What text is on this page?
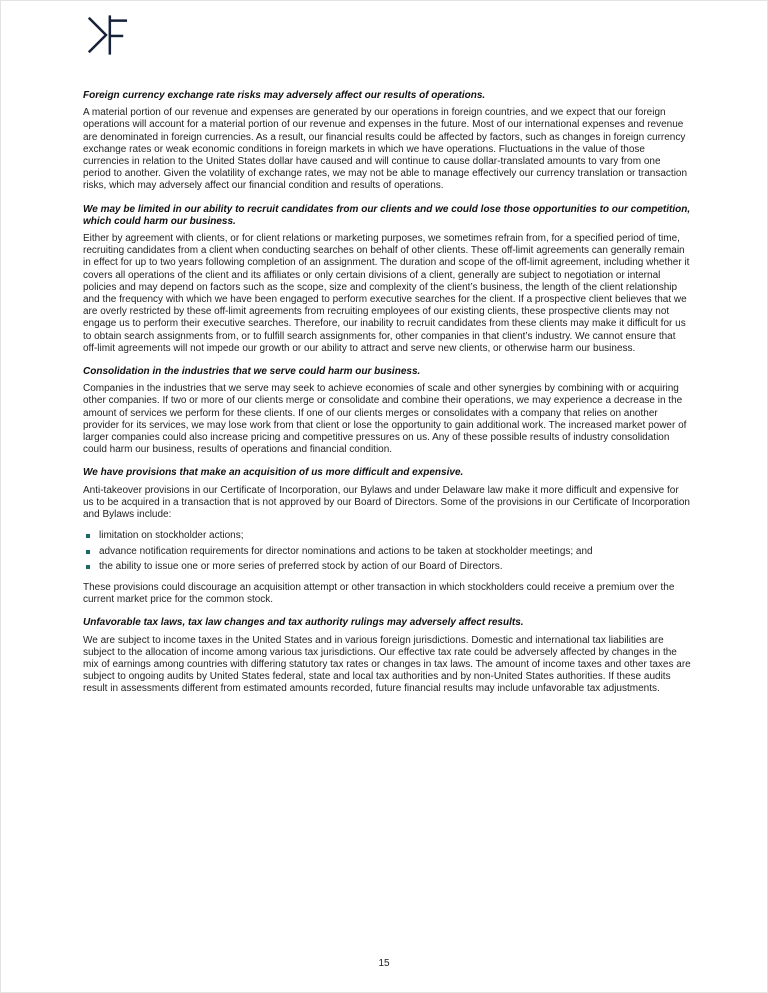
Foreign currency exchange rate risks may adversely affect our results of operations.

A material portion of our revenue and expenses are generated by our operations in foreign countries, and we expect that our foreign operations will account for a material portion of our revenue and expenses in the future. Most of our international expenses and revenue are denominated in foreign currencies. As a result, our financial results could be affected by factors, such as changes in foreign currency exchange rates or weak economic conditions in foreign markets in which we have operations. Fluctuations in the value of those currencies in relation to the United States dollar have caused and will continue to cause dollar-translated amounts to vary from one period to another. Given the volatility of exchange rates, we may not be able to manage effectively our currency translation or transaction risks, which may adversely affect our financial condition and results of operations.

We may be limited in our ability to recruit candidates from our clients and we could lose those opportunities to our competition, which could harm our business.

Either by agreement with clients, or for client relations or marketing purposes, we sometimes refrain from, for a specified period of time, recruiting candidates from a client when conducting searches on behalf of other clients. These off-limit agreements can generally remain in effect for up to two years following completion of an assignment. The duration and scope of the off-limit agreement, including whether it covers all operations of the client and its affiliates or only certain divisions of a client, generally are subject to negotiation or internal policies and may depend on factors such as the scope, size and complexity of the client’s business, the length of the client relationship and the frequency with which we have been engaged to perform executive searches for the client. If a prospective client believes that we are overly restricted by these off-limit agreements from recruiting employees of our existing clients, these prospective clients may not engage us to perform their executive searches. Therefore, our inability to recruit candidates from these clients may make it difficult for us to obtain search assignments from, or to fulfill search assignments for, other companies in that client’s industry. We cannot ensure that off-limit agreements will not impede our growth or our ability to attract and serve new clients, or otherwise harm our business.

Consolidation in the industries that we serve could harm our business.

Companies in the industries that we serve may seek to achieve economies of scale and other synergies by combining with or acquiring other companies. If two or more of our clients merge or consolidate and combine their operations, we may experience a decrease in the amount of services we perform for these clients. If one of our clients merges or consolidates with a company that relies on another provider for its services, we may lose work from that client or lose the opportunity to gain additional work. The increased market power of larger companies could also increase pricing and competitive pressures on us. Any of these possible results of industry consolidation could harm our business, results of operations and financial condition.

We have provisions that make an acquisition of us more difficult and expensive.

Anti-takeover provisions in our Certificate of Incorporation, our Bylaws and under Delaware law make it more difficult and expensive for us to be acquired in a transaction that is not approved by our Board of Directors. Some of the provisions in our Certificate of Incorporation and Bylaws include:

limitation on stockholder actions;
advance notification requirements for director nominations and actions to be taken at stockholder meetings; and
the ability to issue one or more series of preferred stock by action of our Board of Directors.

These provisions could discourage an acquisition attempt or other transaction in which stockholders could receive a premium over the current market price for the common stock.

Unfavorable tax laws, tax law changes and tax authority rulings may adversely affect results.

We are subject to income taxes in the United States and in various foreign jurisdictions. Domestic and international tax liabilities are subject to the allocation of income among various tax jurisdictions. Our effective tax rate could be adversely affected by changes in the mix of earnings among countries with differing statutory tax rates or changes in tax laws. The amount of income taxes and other taxes are subject to ongoing audits by United States federal, state and local tax authorities and by non-United States authorities. If these audits result in assessments different from estimated amounts recorded, future financial results may include unfavorable tax adjustments.

15
